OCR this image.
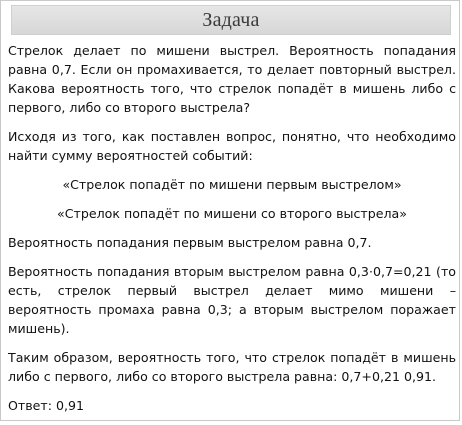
Задача

Стрелок делает по мишени выстрел. Вероятность попадания равна 0,7. Если он промахивается, то делает повторный выстрел. Какова вероятность того, что стрелок попадёт в мишень либо с первого, либо со второго выстрела?

Исходя из того, как поставлен вопрос, понятно, что необходимо найти сумму вероятностей событий:

«Стрелок попадёт по мишени первым выстрелом»

«Стрелок попадёт по мишени со второго выстрела»

Вероятность попадания первым выстрелом равна 0,7.

Вероятность попадания вторым выстрелом равна 0,3·0,7=0,21 (то есть, стрелок первый выстрел делает мимо мишени – вероятность промаха равна 0,3; а вторым выстрелом поражает мишень).

Таким образом, вероятность того, что стрелок попадёт в мишень либо с первого, либо со второго выстрела равна: 0,7+0,21 0,91.

Ответ: 0,91
